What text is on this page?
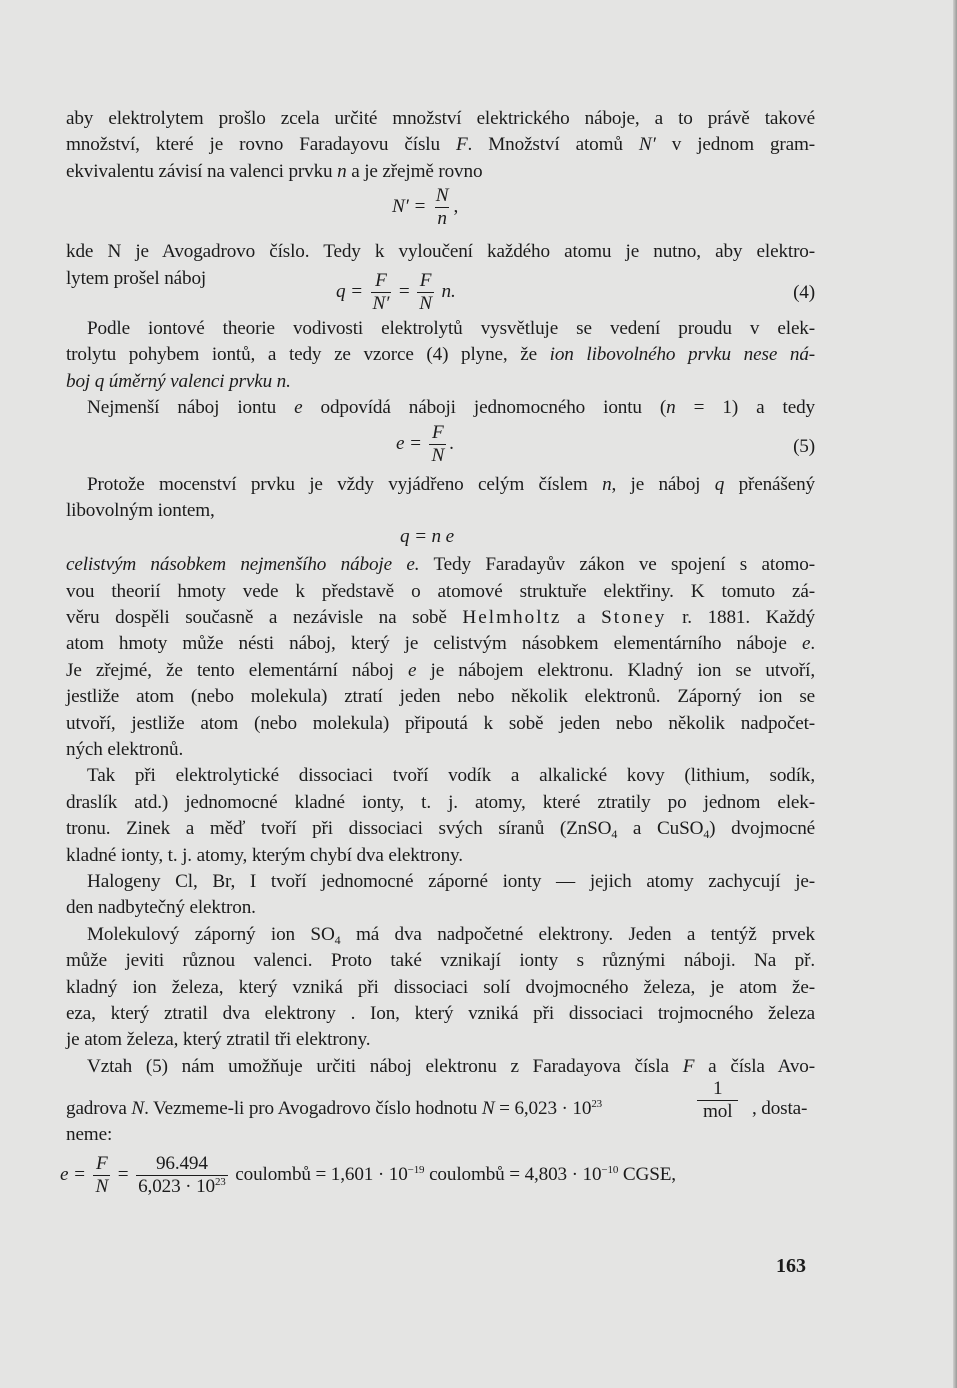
aby elektrolytem prošlo zcela určité množství elektrického náboje, a to právě takové
množství, které je rovno Faradayovu číslu F. Množství atomů N′ v jednom gram-
ekvivalentu závisí na valenci prvku n a je zřejmě rovno
$N' = \frac{N}{n}$ ,
kde N je Avogadrovo číslo. Tedy k vyloučení každého atomu je nutno, aby elektro-
lytem prošel náboj
$q = \frac{F}{N'} = \frac{F}{N} n$.	(4)
Podle iontové theorie vodivosti elektrolytů vysvětluje se vedení proudu v elek-
trolytu pohybem iontů, a tedy ze vzorce (4) plyne, že ion libovolného prvku nese ná-
boj q úměrný valenci prvku n.
Nejmenší náboj iontu e odpovídá náboji jednomocného iontu (n = 1) a tedy
$e = \frac{F}{N}$ .	(5)
Protože mocenství prvku je vždy vyjádřeno celým číslem n, je náboj q přenášený
libovolným iontem,
q = n e
celistvým násobkem nejmenšího náboje e. Tedy Faradayův zákon ve spojení s atomo-
vou theorií hmoty vede k představě o atomové struktuře elektřiny. K tomuto zá-
věru dospěli současně a nezávisle na sobě Helmholtz a Stoney r. 1881. Každý
atom hmoty může nésti náboj, který je celistvým násobkem elementárního náboje e.
Je zřejmé, že tento elementární náboj e je nábojem elektronu. Kladný ion se utvoří,
jestliže atom (nebo molekula) ztratí jeden nebo několik elektronů. Záporný ion se
utvoří, jestliže atom (nebo molekula) připoutá k sobě jeden nebo několik nadpočet-
ných elektronů.
Tak při elektrolytické dissociaci tvoří vodík a alkalické kovy (lithium, sodík,
draslík atd.) jednomocné kladné ionty, t. j. atomy, které ztratily po jednom elek-
tronu. Zinek a měď tvoří při dissociaci svých síranů (ZnSO$_4$ a CuSO$_4$) dvojmocné
kladné ionty, t. j. atomy, kterým chybí dva elektrony.
Halogeny Cl, Br, I tvoří jednomocné záporné ionty — jejich atomy zachycují je-
den nadbytečný elektron.
Molekulový záporný ion $SO_4$ má dva nadpočetné elektrony. Jeden a tentýž prvek
může jeviti různou valenci. Proto také vznikají ionty s různými náboji. Na př.
kladný ion železa, který vzniká při dissociaci solí dvojmocného železa, je atom že-
eza, který ztratil dva elektrony . Ion, který vzniká při dissociaci trojmocného železa
je atom železa, který ztratil tři elektrony.
Vztah (5) nám umožňuje určiti náboj elektronu z Faradayova čísla F a čísla Avo-
gadrova N. Vezmeme-li pro Avogadrovo číslo hodnotu $N = 6,023 \cdot 10^{23}$
1
mol	, dosta-
neme:
$e = \frac{F}{N} = \frac{96.494}{6,023 \cdot 10^{23}}$ coulombů = $1,601 \cdot 10^{-19}$ coulombů = $4,803 \cdot 10^{-10}$ CGSE,
163
